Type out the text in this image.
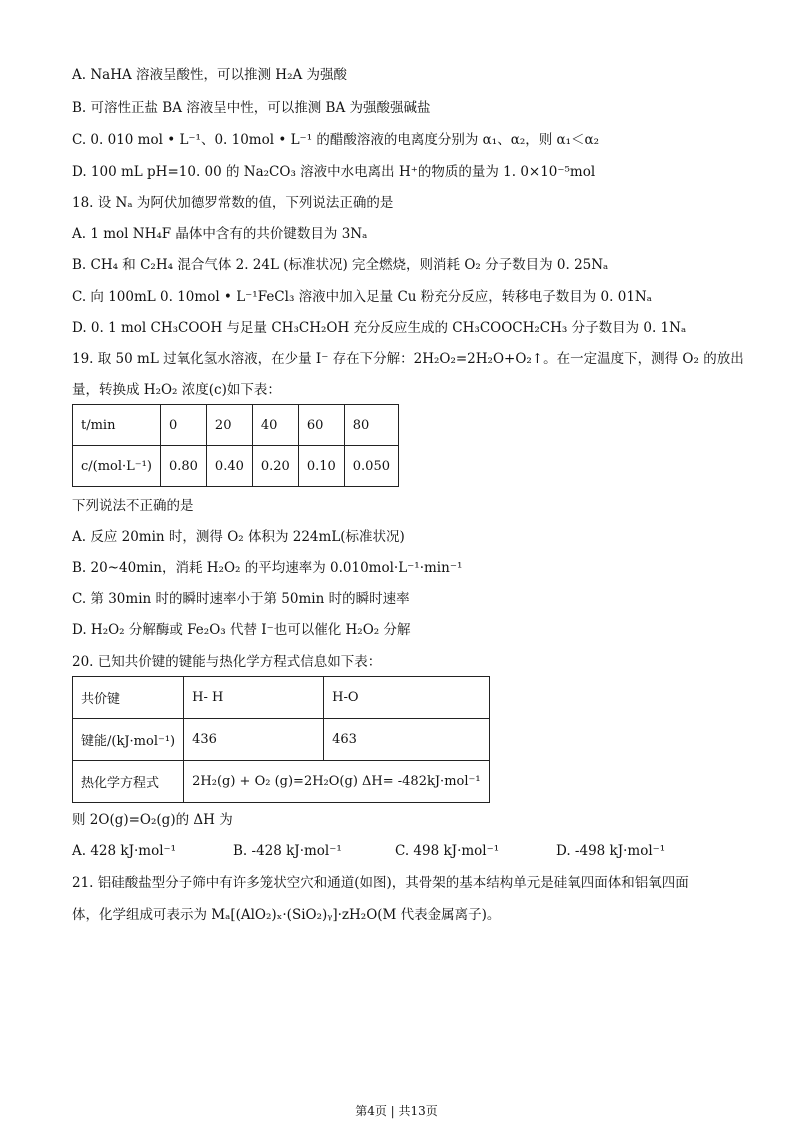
A. NaHA 溶液呈酸性，可以推测 H₂A 为强酸
B. 可溶性正盐 BA 溶液呈中性，可以推测 BA 为强酸强碱盐
C. 0. 010 mol • L⁻¹、0. 10mol • L⁻¹ 的醋酸溶液的电离度分别为 α₁、α₂，则 α₁＜α₂
D. 100 mL pH=10. 00 的 Na₂CO₃ 溶液中水电离出 H⁺的物质的量为 1. 0×10⁻⁵mol
18. 设 Nₐ 为阿伏加德罗常数的值，下列说法正确的是
A. 1 mol NH₄F 晶体中含有的共价键数目为 3Nₐ
B. CH₄ 和 C₂H₄ 混合气体 2. 24L (标准状况) 完全燃烧，则消耗 O₂ 分子数目为 0. 25Nₐ
C. 向 100mL 0. 10mol • L⁻¹FeCl₃ 溶液中加入足量 Cu 粉充分反应，转移电子数目为 0. 01Nₐ
D. 0. 1 mol CH₃COOH 与足量 CH₃CH₂OH 充分反应生成的 CH₃COOCH₂CH₃ 分子数目为 0. 1Nₐ
19. 取 50 mL 过氧化氢水溶液，在少量 I⁻ 存在下分解：2H₂O₂=2H₂O+O₂↑。在一定温度下，测得 O₂ 的放出
量，转换成 H₂O₂ 浓度(c)如下表：
t/min	0	20	40	60	80
c/(mol·L⁻¹)	0.80	0.40	0.20	0.10	0.050
下列说法不正确的是
A. 反应 20min 时，测得 O₂ 体积为 224mL(标准状况)
B. 20~40min，消耗 H₂O₂ 的平均速率为 0.010mol·L⁻¹·min⁻¹
C. 第 30min 时的瞬时速率小于第 50min 时的瞬时速率
D. H₂O₂ 分解酶或 Fe₂O₃ 代替 I⁻也可以催化 H₂O₂ 分解
20. 已知共价键的键能与热化学方程式信息如下表：
共价键	H- H	H-O
键能/(kJ·mol⁻¹)	436	463
热化学方程式	2H₂(g) + O₂ (g)=2H₂O(g) ΔH= -482kJ·mol⁻¹	
则 2O(g)=O₂(g)的 ΔH 为
A. 428 kJ·mol⁻¹	B. -428 kJ·mol⁻¹	C. 498 kJ·mol⁻¹	D. -498 kJ·mol⁻¹
21. 铝硅酸盐型分子筛中有许多笼状空穴和通道(如图)，其骨架的基本结构单元是硅氧四面体和铝氧四面
体，化学组成可表示为 Mₐ[(AlO₂)ₓ·(SiO₂)ᵧ]·zH₂O(M 代表金属离子)。
第4页 | 共13页
